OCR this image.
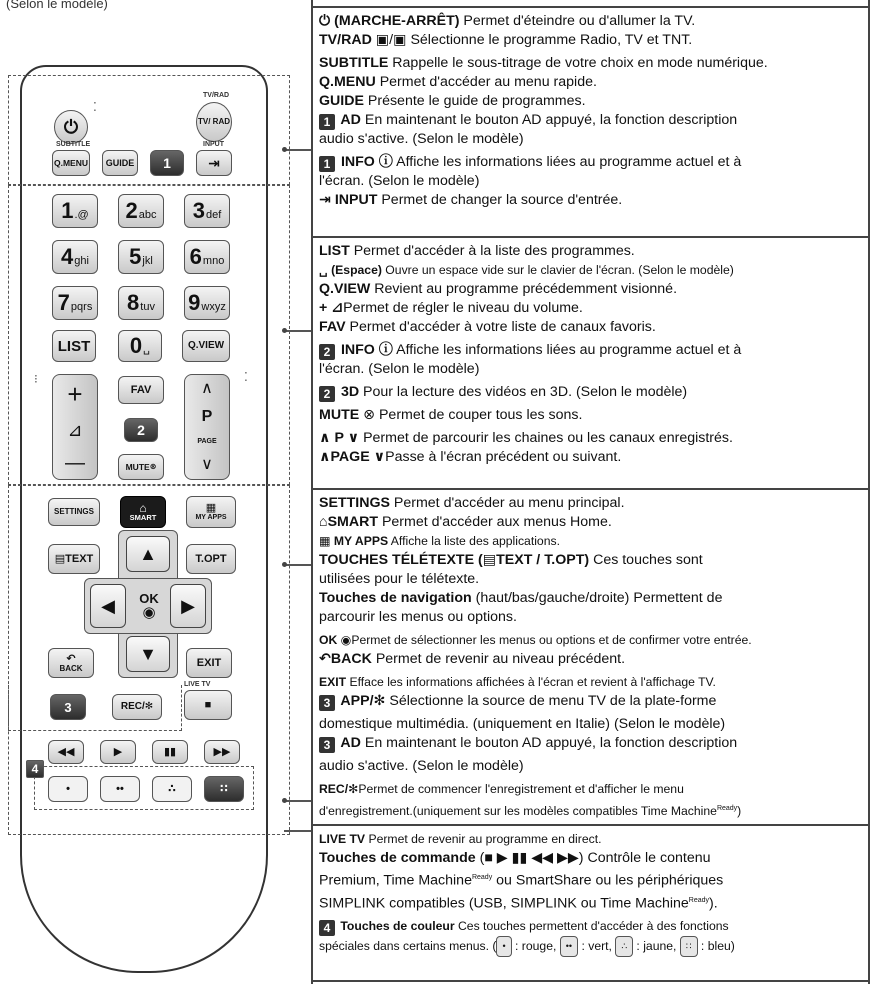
(Selon le modèle)
⏻
⁚
TV/RAD
TV/ RAD
SUBTITLE	INPUT
Q.MENU	GUIDE	1	⇥
1 .@ 2 abc 3 def
4 ghi 5 jkl 6 mno
7 pqrs 8 tuv 9 wxyz
LIST 0 ␣	Q.VIEW
⁝	⁚
+
⊿
—
FAV
2
MUTE ⊗
∧
P
PAGE
∨
SETTINGS	⌂
SMART
▦
MY APPS
▤ TEXT	T.OPT
▲
▼
◀	▶
OK
◉
↶
BACK	EXIT
3	REC/✻
LIVE TV
■
◀◀	▶	▮▮	▶▶
4
•	••	∴	∷

⏻ (MARCHE-ARRÊT) Permet d'éteindre ou d'allumer la TV.

TV/RAD ▣/▣ Sélectionne le programme Radio, TV et TNT.

SUBTITLE Rappelle le sous-titrage de votre choix en mode numérique.

Q.MENU Permet d'accéder au menu rapide.

GUIDE Présente le guide de programmes.

1 AD En maintenant le bouton AD appuyé, la fonction description

audio s'active. (Selon le modèle)

1 INFO ⓘ Affiche les informations liées au programme actuel et à

l'écran. (Selon le modèle)

⇥ INPUT Permet de changer la source d'entrée.

LIST Permet d'accéder à la liste des programmes.

␣ (Espace) Ouvre un espace vide sur le clavier de l'écran. (Selon le modèle)

Q.VIEW Revient au programme précédemment visionné.

+ ⊿Permet de régler le niveau du volume.

FAV Permet d'accéder à votre liste de canaux favoris.

2 INFO ⓘ Affiche les informations liées au programme actuel et à

l'écran. (Selon le modèle)

2 3D Pour la lecture des vidéos en 3D. (Selon le modèle)

MUTE ⊗ Permet de couper tous les sons.

∧ P ∨ Permet de parcourir les chaines ou les canaux enregistrés.

∧PAGE ∨Passe à l'écran précédent ou suivant.

SETTINGS Permet d'accéder au menu principal.

⌂SMART Permet d'accéder aux menus Home.

▦ MY APPS Affiche la liste des applications.

TOUCHES TÉLÉTEXTE (▤TEXT / T.OPT) Ces touches sont

utilisées pour le télétexte.

Touches de navigation (haut/bas/gauche/droite) Permettent de

parcourir les menus ou options.

OK ◉Permet de sélectionner les menus ou options et de confirmer votre entrée.

↶BACK Permet de revenir au niveau précédent.

EXIT Efface les informations affichées à l'écran et revient à l'affichage TV.

3 APP/✻ Sélectionne la source de menu TV de la plate-forme

domestique multimédia. (uniquement en Italie) (Selon le modèle)

3 AD En maintenant le bouton AD appuyé, la fonction description

audio s'active. (Selon le modèle)

REC/✻Permet de commencer l'enregistrement et d'afficher le menu

d'enregistrement.(uniquement sur les modèles compatibles Time Machine$^{Ready}$)

LIVE TV Permet de revenir au programme en direct.

Touches de commande (■ ▶ ▮▮ ◀◀ ▶▶) Contrôle le contenu

Premium, Time Machine$^{Ready}$ ou SmartShare ou les périphériques

SIMPLINK compatibles (USB, SIMPLINK ou Time Machine$^{Ready}$).

4 Touches de couleur Ces touches permettent d'accéder à des fonctions

spéciales dans certains menus. ( • : rouge, •• : vert, ∴ : jaune, ∷ : bleu)
